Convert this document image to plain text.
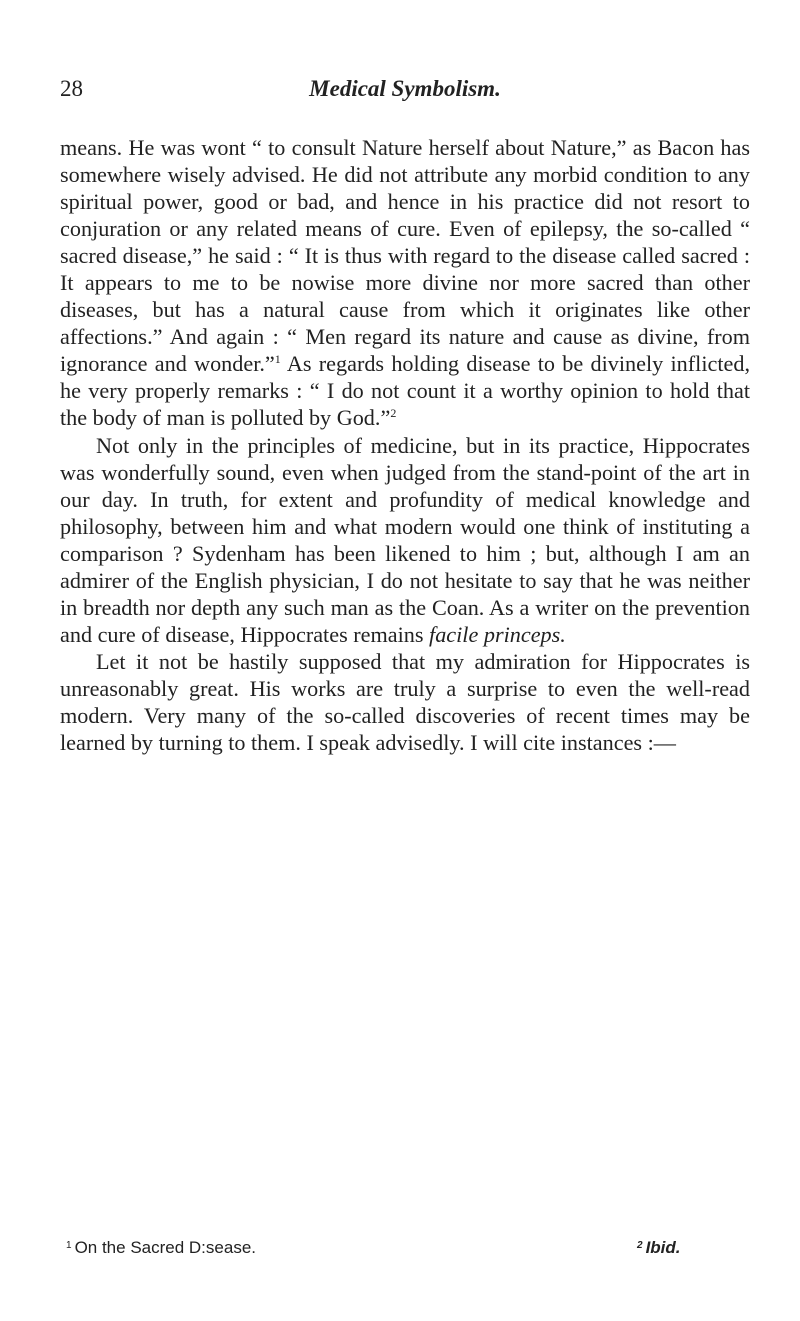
28	Medical Symbolism.

means. He was wont “ to consult Nature herself about Nature,” as Bacon has somewhere wisely advised. He did not attribute any morbid condition to any spiritual power, good or bad, and hence in his practice did not resort to conjuration or any related means of cure. Even of epilepsy, the so-called “ sacred disease,” he said : “ It is thus with regard to the disease called sacred : It appears to me to be nowise more divine nor more sacred than other diseases, but has a natural cause from which it originates like other affections.” And again : “ Men regard its nature and cause as divine, from ignorance and wonder.”$^1$ As regards holding disease to be divinely inflicted, he very properly remarks : “ I do not count it a worthy opinion to hold that the body of man is polluted by God.”$^2$

Not only in the principles of medicine, but in its practice, Hippocrates was wonderfully sound, even when judged from the stand-point of the art in our day. In truth, for extent and profundity of medical knowledge and philosophy, between him and what modern would one think of instituting a comparison ? Sydenham has been likened to him ; but, although I am an admirer of the English physician, I do not hesitate to say that he was neither in breadth nor depth any such man as the Coan. As a writer on the prevention and cure of disease, Hippocrates remains facile princeps.

Let it not be hastily supposed that my admiration for Hippocrates is unreasonably great. His works are truly a surprise to even the well-read modern. Very many of the so-called discoveries of recent times may be learned by turning to them. I speak advisedly. I will cite instances :—

$^1$ On the Sacred D:sease.	$^2$ Ibid.
